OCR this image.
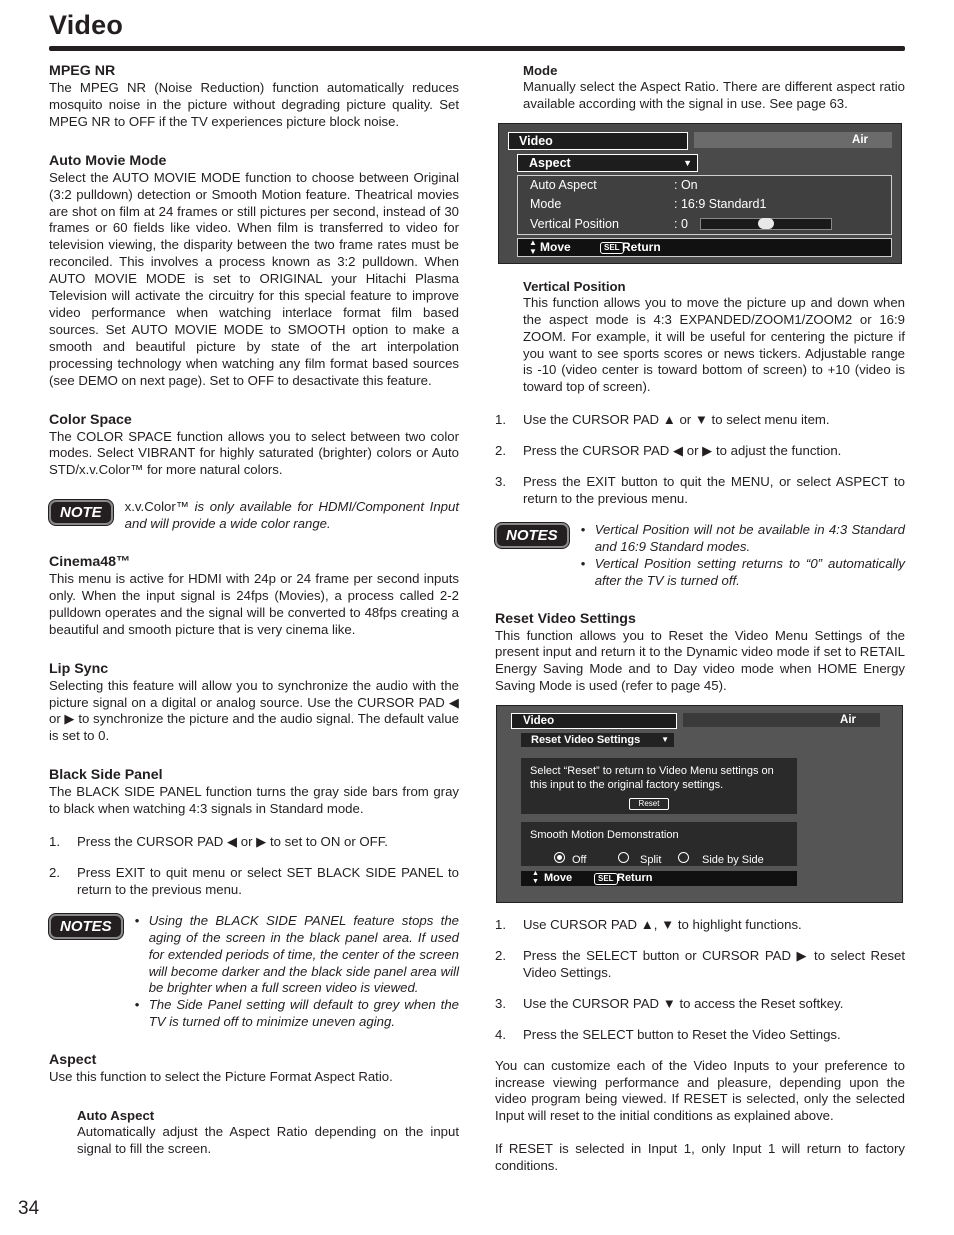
Video
MPEG NR

The MPEG NR (Noise Reduction) function automatically reduces mosquito noise in the picture without degrading picture quality. Set MPEG NR to OFF if the TV experiences picture block noise.

Auto Movie Mode

Select the AUTO MOVIE MODE function to choose between Original (3:2 pulldown) detection or Smooth Motion feature. Theatrical movies are shot on film at 24 frames or still pictures per second, instead of 30 frames or 60 fields like video. When film is transferred to video for television viewing, the disparity between the two frame rates must be reconciled. This involves a process known as 3:2 pulldown. When AUTO MOVIE MODE is set to ORIGINAL your Hitachi Plasma Television will activate the circuitry for this special feature to improve video performance when watching interlace format film based sources. Set AUTO MOVIE MODE to SMOOTH option to make a smooth and beautiful picture by state of the art interpolation processing technology when watching any film format based sources (see DEMO on next page). Set to OFF to desactivate this feature.

Color Space

The COLOR SPACE function allows you to select between two color modes. Select VIBRANT for highly saturated (brighter) colors or Auto STD/x.v.Color™ for more natural colors.

NOTE	x.v.Color™ is only available for HDMI/Component Input and will provide a wide color range.
Cinema48™

This menu is active for HDMI with 24p or 24 frame per second inputs only. When the input signal is 24fps (Movies), a process called 2-2 pulldown operates and the signal will be converted to 48fps creating a beautiful and smooth picture that is very cinema like.

Lip Sync

Selecting this feature will allow you to synchronize the audio with the picture signal on a digital or analog source. Use the CURSOR PAD ◀ or ▶ to synchronize the picture and the audio signal. The default value is set to 0.

Black Side Panel

The BLACK SIDE PANEL function turns the gray side bars from gray to black when watching 4:3 signals in Standard mode.

1. Press the CURSOR PAD ◀ or ▶ to set to ON or OFF.
2. Press EXIT to quit menu or select SET BLACK SIDE PANEL to return to the previous menu.
NOTES	• Using the BLACK SIDE PANEL feature stops the aging of the screen in the black panel area. If used for extended periods of time, the center of the screen will become darker and the black side panel area will be brighter when a full screen video is viewed.
• The Side Panel setting will default to grey when the TV is turned off to minimize uneven aging.
Aspect

Use this function to select the Picture Format Aspect Ratio.

Auto Aspect

Automatically adjust the Aspect Ratio depending on the input signal to fill the screen.

Mode

Manually select the Aspect Ratio. There are different aspect ratio available according with the signal in use. See page 63.

Video	Air
Aspect	▼
Auto Aspect	: On
Mode	: 16:9 Standard1
Vertical Position	: 0
▲
▼ Move	SEL Return
Vertical Position

This function allows you to move the picture up and down when the aspect mode is 4:3 EXPANDED/ZOOM1/ZOOM2 or 16:9 ZOOM. For example, it will be useful for centering the picture if you want to see sports scores or news tickers. Adjustable range is -10 (video center is toward bottom of screen) to +10 (video is toward top of screen).

1. Use the CURSOR PAD ▲ or ▼ to select menu item.
2. Press the CURSOR PAD ◀ or ▶ to adjust the function.
3. Press the EXIT button to quit the MENU, or select ASPECT to return to the previous menu.
NOTES	• Vertical Position will not be available in 4:3 Standard and 16:9 Standard modes.
• Vertical Position setting returns to “0” automatically after the TV is turned off.
Reset Video Settings

This function allows you to Reset the Video Menu Settings of the present input and return it to the Dynamic video mode if set to RETAIL Energy Saving Mode and to Day video mode when HOME Energy Saving Mode is used (refer to page 45).

Video	Air
Reset Video Settings	▼
Select “Reset” to return to Video Menu settings on this input to the original factory settings.
Reset
Smooth Motion Demonstration
Off	Split	Side by Side
▲
▼ Move	SEL Return
1. Use CURSOR PAD ▲, ▼ to highlight functions.
2. Press the SELECT button or CURSOR PAD ▶ to select Reset Video Settings.
3. Use the CURSOR PAD ▼ to access the Reset softkey.
4. Press the SELECT button to Reset the Video Settings.

You can customize each of the Video Inputs to your preference to increase viewing performance and pleasure, depending upon the video program being viewed. If RESET is selected, only the selected Input will reset to the initial conditions as explained above.

If RESET is selected in Input 1, only Input 1 will return to factory conditions.

34
